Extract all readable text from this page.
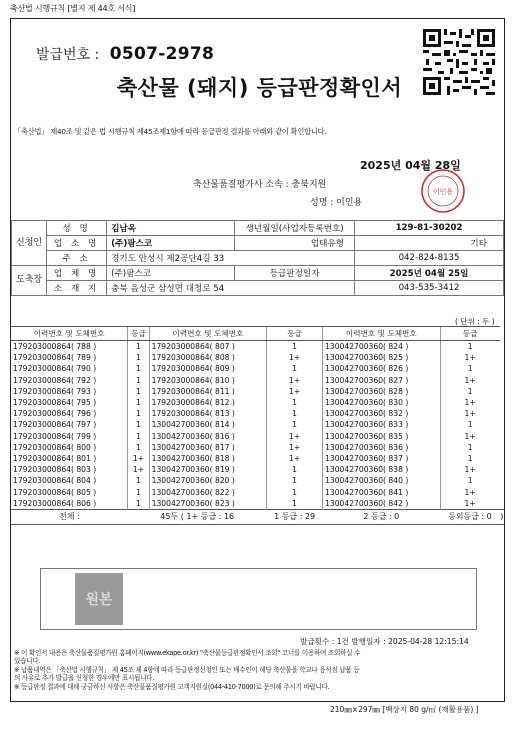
축산법 시행규칙 [별지 제 44호 서식]
발급번호 : 0507-2978
축산물 (돼지) 등급판정확인서
「축산법」 제40조 및 같은 법 시행규칙 제45조제1항에 따라 등급판정 결과를 아래와 같이 확인합니다.
2025년 04월 28일
축산물품질평가사 소속 : 충북지원
성명 : 이인용
이인용
신청인	성 명	김남옥	생년월일(사업자등록번호)	129-81-30202
	업 소 명	(주)팜스코	업태유형	기타
	주 소	경기도 안성시 제2공단4길 33		042-824-8135
도축장	업 체 명	(주)팜스코	등급판정일자	2025년 04월 25일
	소 재 지	충북 음성군 삼성면 대청로 54		043-535-3412
( 단위 : 두 )
이력번호 및 도체번호	등급	이력번호 및 도체번호	등급	이력번호 및 도체번호	등급	
179203000864( 788 )	1	179203000864( 807 )	1	130042700360( 824 )	1	
179203000864( 789 )	1	179203000864( 808 )	1+	130042700360( 825 )	1+	
179203000864( 790 )	1	179203000864( 809 )	1	130042700360( 826 )	1	
179203000864( 792 )	1	179203000864( 810 )	1+	130042700360( 827 )	1+	
179203000864( 793 )	1	179203000864( 811 )	1+	130042700360( 828 )	1	
179203000864( 795 )	1	179203000864( 812 )	1	130042700360( 830 )	1+	
179203000864( 796 )	1	179203000864( 813 )	1	130042700360( 832 )	1+	
179203000864( 797 )	1	130042700360( 814 )	1	130042700360( 833 )	1	
179203000864( 799 )	1	130042700360( 816 )	1+	130042700360( 835 )	1+	
179203000864( 800 )	1	130042700360( 817 )	1+	130042700360( 836 )	1	
179203000864( 801 )	1+	130042700360( 818 )	1+	130042700360( 837 )	1	
179203000864( 803 )	1+	130042700360( 819 )	1	130042700360( 838 )	1+	
179203000864( 804 )	1	130042700360( 820 )	1	130042700360( 840 )	1	
179203000864( 805 )	1	130042700360( 822 )	1	130042700360( 841 )	1+	
179203000864( 806 )	1	130042700360( 823 )	1	130042700360( 842 )	1+	
전체 :	45두 ( 1+ 등급 : 16		1 등급 : 29	2 등급 : 0	등외등급 : 0	)
원본
발급횟수 : 1건 발행일자 : 2025-04-28 12:15:14
※ 이 확인서 내용은 축산물품질평가원 홈페이지(www.ekape.or.kr) "축산물등급판정확인서 조회" 코너를 이용하여 조회하실 수
있습니다.
※ 납품내역은 「축산법 시행규칙」 제 45조 제 4항에 따라 등급판정신청인 또는 매수인이 해당 축산물을 학교나 음식점 납품 등
의 사유로 추가 발급을 신청한 경우에만 표시됩니다.
※ 등급판정 결과에 대해 궁금하신 사항은 축산물품질평가원 고객지원실(044-410-7000)로 문의해 주시기 바랍니다.
210㎜×297㎜ [백상지 80 g/㎡ (재활용품) ]
